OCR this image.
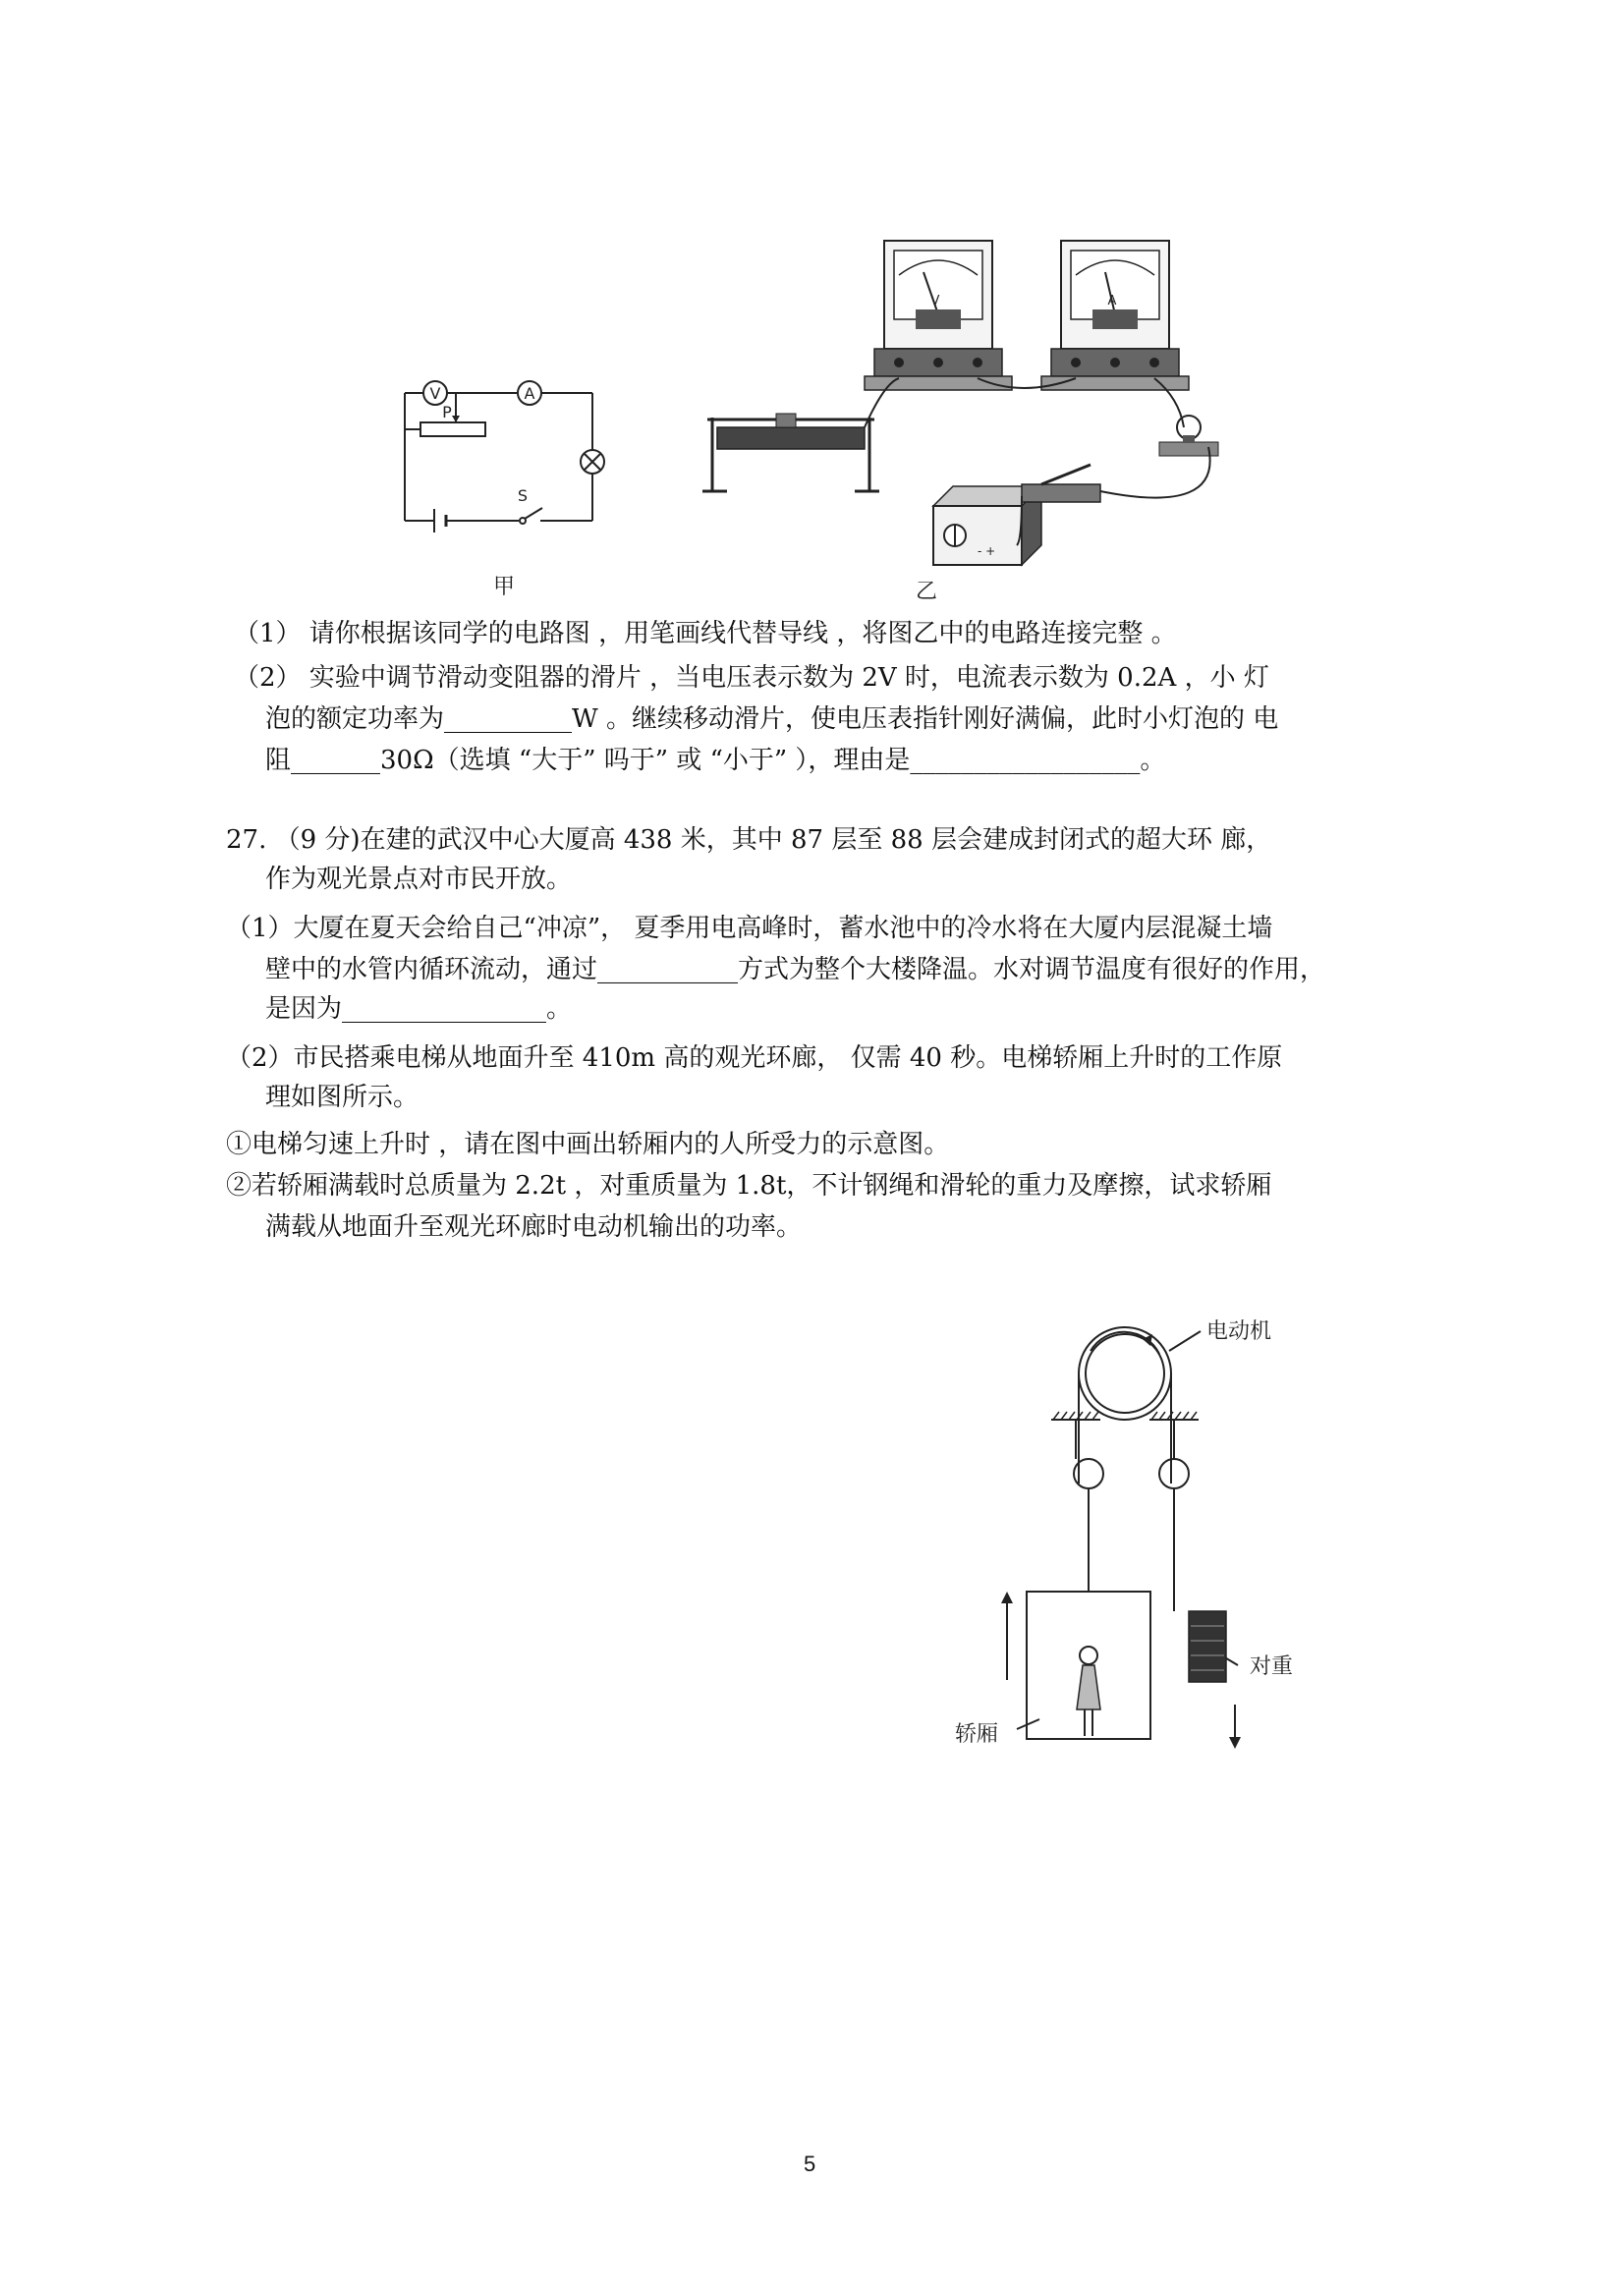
V	A
P
S
甲
V	A
- +
乙
（1） 请你根据该同学的电路图 ，用笔画线代替导线 ，将图乙中的电路连接完整 。
（2） 实验中调节滑动变阻器的滑片 ，当电压表示数为 2V 时，电流表示数为 0.2A ，小 灯
泡的额定功率为__________W 。继续移动滑片，使电压表指针刚好满偏，此时小灯泡的 电
阻_______30Ω（选填 “大于” 吗于” 或 “小于” ），理由是__________________。
27. （9 分)在建的武汉中心大厦高 438 米，其中 87 层至 88 层会建成封闭式的超大环 廊，
作为观光景点对市民开放。
（1）大厦在夏天会给自己“冲凉”， 夏季用电高峰时，蓄水池中的冷水将在大厦内层混凝土墙
壁中的水管内循环流动，通过___________方式为整个大楼降温。水对调节温度有很好的作用，
是因为________________。
（2）市民搭乘电梯从地面升至 410m 高的观光环廊， 仅需 40 秒。电梯轿厢上升时的工作原
理如图所示。
①电梯匀速上升时 ，请在图中画出轿厢内的人所受力的示意图。
②若轿厢满载时总质量为 2.2t ，对重质量为 1.8t，不计钢绳和滑轮的重力及摩擦，试求轿厢
满载从地面升至观光环廊时电动机输出的功率。
电动机
对重
轿厢
5
